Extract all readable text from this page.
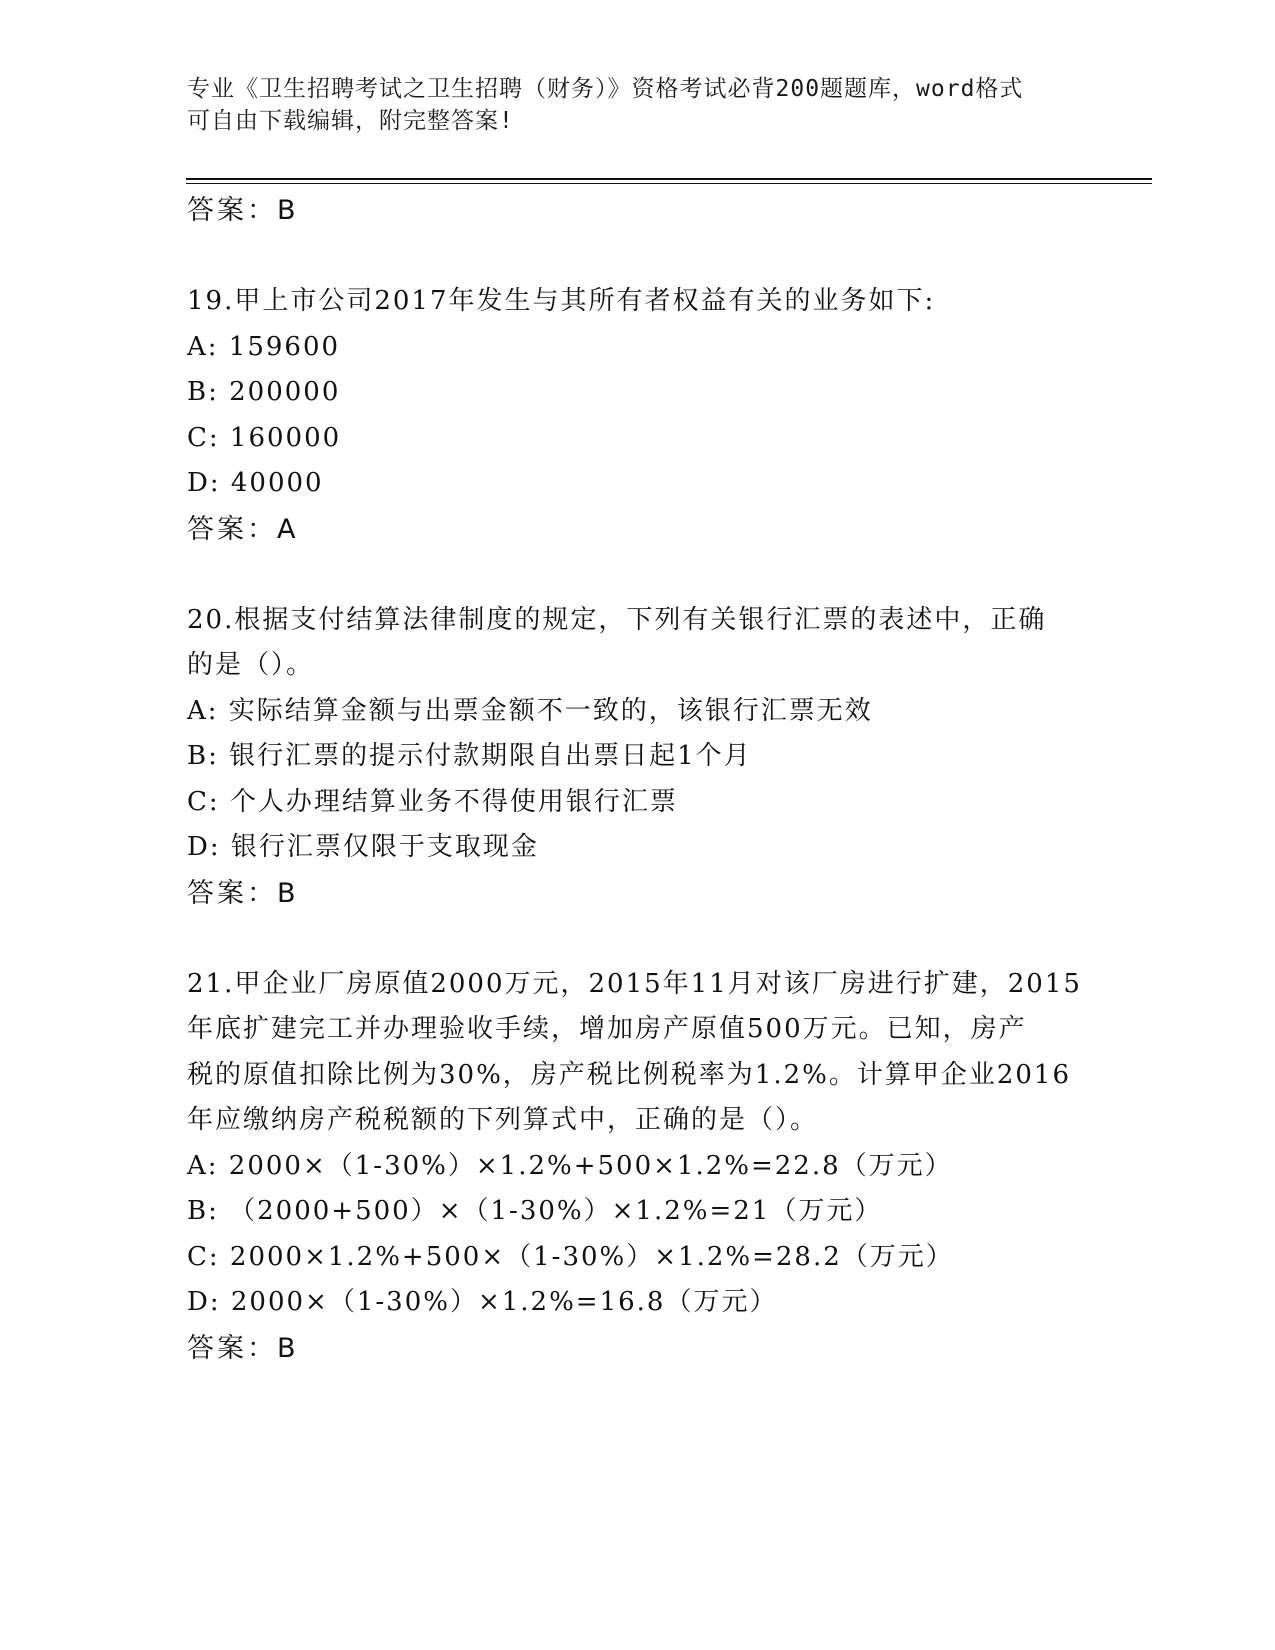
专业《卫生招聘考试之卫生招聘（财务）》资格考试必背200题题库，word格式
可自由下载编辑，附完整答案!
答案：B
19.甲上市公司2017年发生与其所有者权益有关的业务如下:
A: 159600
B: 200000
C: 160000
D: 40000
答案：A
20.根据支付结算法律制度的规定，下列有关银行汇票的表述中，正确
的是（）。
A: 实际结算金额与出票金额不一致的，该银行汇票无效
B: 银行汇票的提示付款期限自出票日起1个月
C: 个人办理结算业务不得使用银行汇票
D: 银行汇票仅限于支取现金
答案：B
21.甲企业厂房原值2000万元，2015年11月对该厂房进行扩建，2015
年底扩建完工并办理验收手续，增加房产原值500万元。已知，房产
税的原值扣除比例为30%，房产税比例税率为1.2%。计算甲企业2016
年应缴纳房产税税额的下列算式中，正确的是（）。
A: 2000×（1-30%）×1.2%+500×1.2%=22.8（万元）
B: （2000+500）×（1-30%）×1.2%=21（万元）
C: 2000×1.2%+500×（1-30%）×1.2%=28.2（万元）
D: 2000×（1-30%）×1.2%=16.8（万元）
答案：B
